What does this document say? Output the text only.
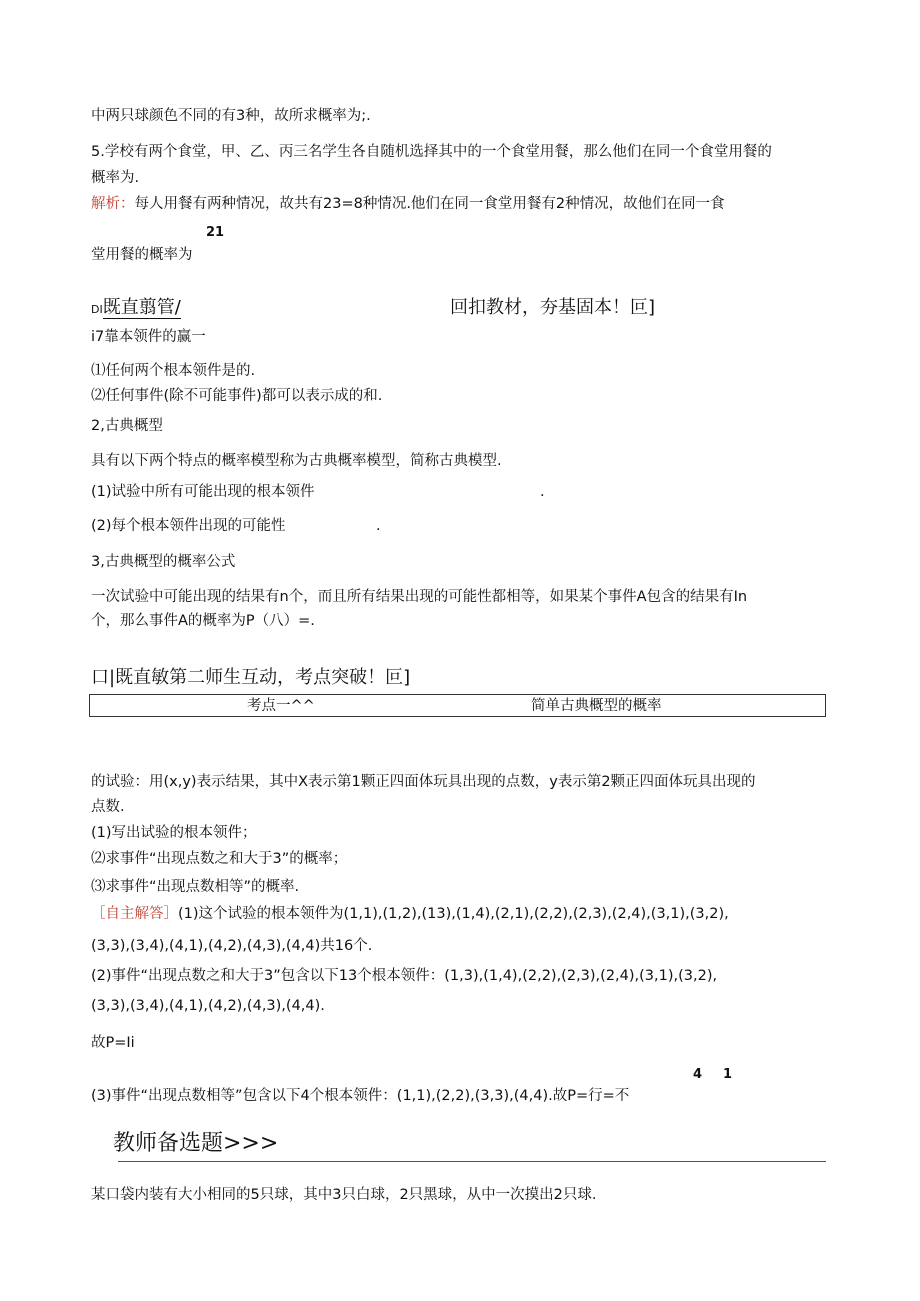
中两只球颜色不同的有3种，故所求概率为;.
5.学校有两个食堂，甲、乙、丙三名学生各自随机选择其中的一个食堂用餐，那么他们在同一个食堂用餐的
概率为.
解析：每人用餐有两种情况，故共有23=8种情况.他们在同一食堂用餐有2种情况，故他们在同一食
21
堂用餐的概率为
DI既直翦管/	回扣教材，夯基固本！叵]
i7靠本领件的赢一
⑴任何两个根本领件是的.
⑵任何事件(除不可能事件)都可以表示成的和.
2,古典概型
具有以下两个特点的概率模型称为古典概率模型，简称古典模型.
(1)试验中所有可能出现的根本领件	.
(2)每个根本领件出现的可能性	.
3,古典概型的概率公式
一次试验中可能出现的结果有n个，而且所有结果出现的可能性都相等，如果某个事件A包含的结果有In
个，那么事件A的概率为P（八）=.
口|既直敏第二师生互动，考点突破！叵]
考点一^^	简单古典概型的概率
的试验：用(x,y)表示结果，其中X表示第1颗正四面体玩具出现的点数，y表示第2颗正四面体玩具出现的
点数.
(1)写出试验的根本领件；
⑵求事件“出现点数之和大于3”的概率；
⑶求事件“出现点数相等”的概率.
［自主解答］(1)这个试验的根本领件为(1,1),(1,2),(13),(1,4),(2,1),(2,2),(2,3),(2,4),(3,1),(3,2),
(3,3),(3,4),(4,1),(4,2),(4,3),(4,4)共16个.
(2)事件“出现点数之和大于3”包含以下13个根本领件：(1,3),(1,4),(2,2),(2,3),(2,4),(3,1),(3,2),
(3,3),(3,4),(4,1),(4,2),(4,3),(4,4).
故P=Ii
4 1
(3)事件“出现点数相等”包含以下4个根本领件：(1,1),(2,2),(3,3),(4,4).故P=行=不
教师备选题>>>
某口袋内装有大小相同的5只球，其中3只白球，2只黑球，从中一次摸出2只球.
